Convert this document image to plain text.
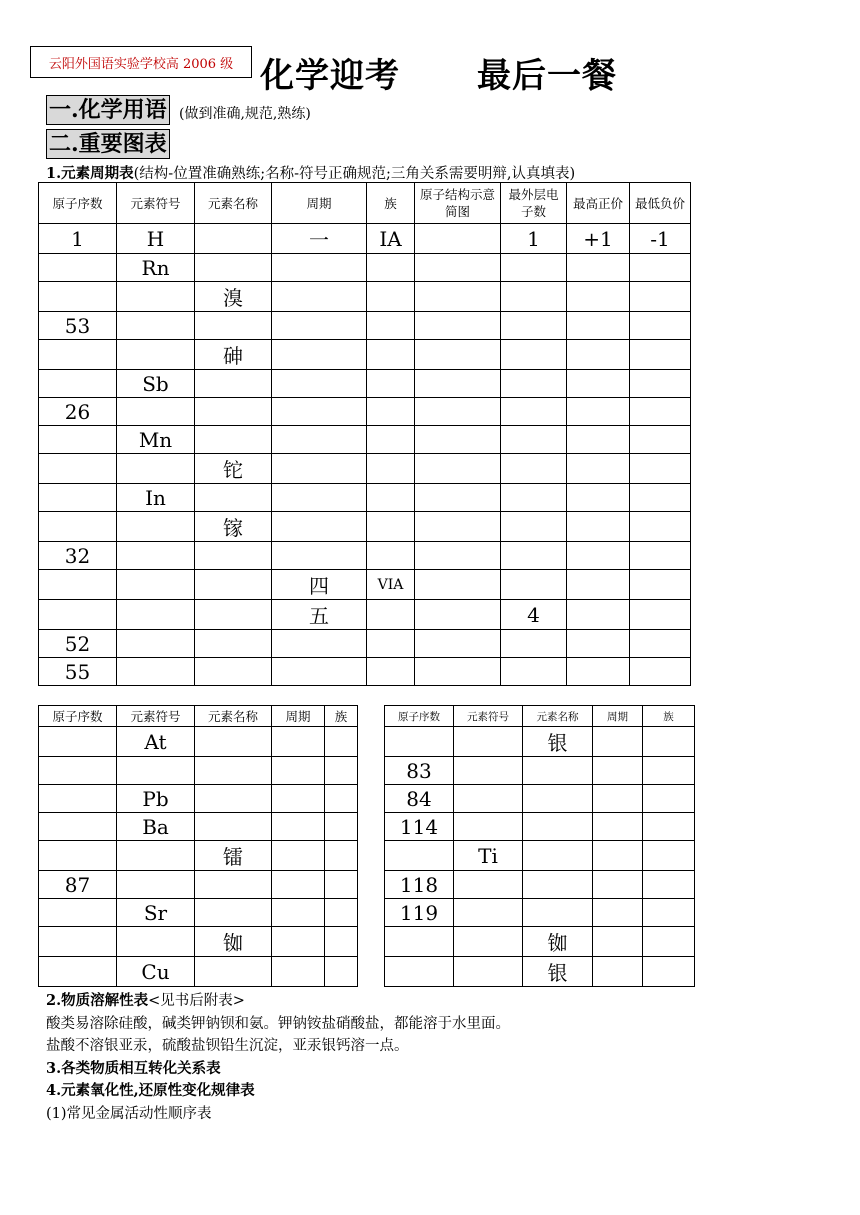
云阳外国语实验学校高 2006 级 化学迎考      最后一餐
一.化学用语 (做到准确,规范,熟练)
二.重要图表
1.元素周期表(结构-位置准确熟练;名称-符号正确规范;三角关系需要明辩,认真填表)
原子序数	元素符号	元素名称	周期	族	原子结构示意简图	最外层电子数	最高正价	最低负价
1	H		一	IA		1	+1	-1
	Rn							
		溴						
53								
		砷						
	Sb							
26								
	Mn							
		铊						
	In							
		镓						
32								
			四	VIA				
			五			4		
52								
55								
原子序数	元素符号	元素名称	周期	族
	At			

	Pb			
	Ba			
		镭		
87				
	Sr			
		铷		
	Cu			
原子序数	元素符号	元素名称	周期	族
		银		
83				
84				
114				
	Ti			
118				
119				
		铷		
		银		
2.物质溶解性表<见书后附表>
酸类易溶除硅酸，碱类钾钠钡和氨。钾钠铵盐硝酸盐，都能溶于水里面。
盐酸不溶银亚汞，硫酸盐钡铅生沉淀，亚汞银钙溶一点。
3.各类物质相互转化关系表
4.元素氧化性,还原性变化规律表
(1)常见金属活动性顺序表
